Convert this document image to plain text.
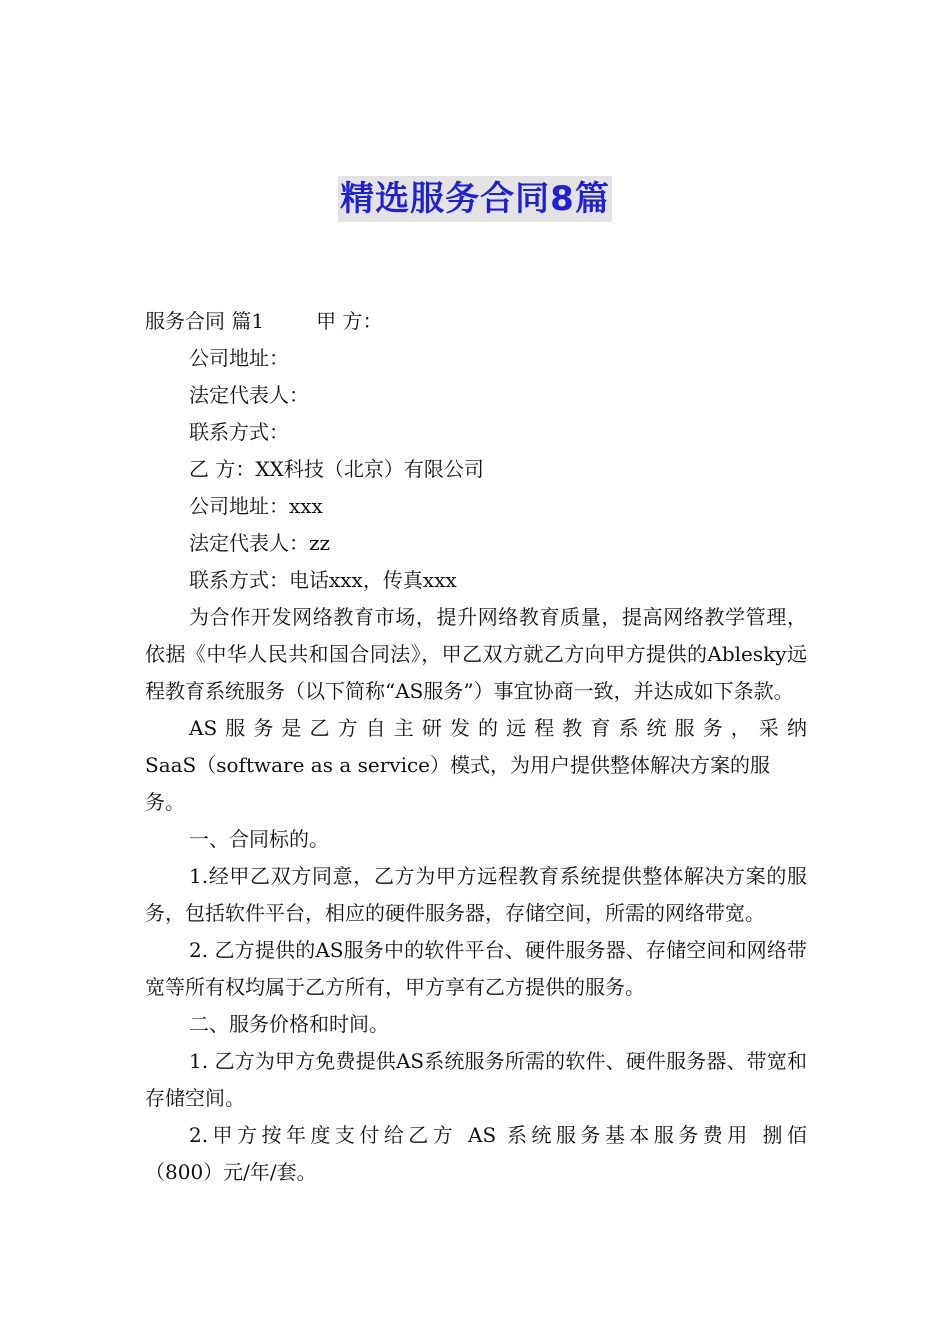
精选服务合同8篇

服务合同 篇1	甲 方：

公司地址：

法定代表人：

联系方式：

乙 方：XX科技（北京）有限公司

公司地址：xxx

法定代表人：zz

联系方式：电话xxx，传真xxx

为合作开发网络教育市场，提升网络教育质量，提高网络教学管理，依据《中华人民共和国合同法》，甲乙双方就乙方向甲方提供的Ablesky远程教育系统服务（以下简称“AS服务”）事宜协商一致，并达成如下条款。

AS服务是乙方自主研发的远程教育系统服务，采纳

SaaS（software as a service）模式，为用户提供整体解决方案的服务。

一、合同标的。

1.经甲乙双方同意，乙方为甲方远程教育系统提供整体解决方案的服务，包括软件平台，相应的硬件服务器，存储空间，所需的网络带宽。

2. 乙方提供的AS服务中的软件平台、硬件服务器、存储空间和网络带宽等所有权均属于乙方所有，甲方享有乙方提供的服务。

二、服务价格和时间。

1. 乙方为甲方免费提供AS系统服务所需的软件、硬件服务器、带宽和存储空间。

2.甲方按年度支付给乙方 AS 系统服务基本服务费用 捌佰

（800）元/年/套。
